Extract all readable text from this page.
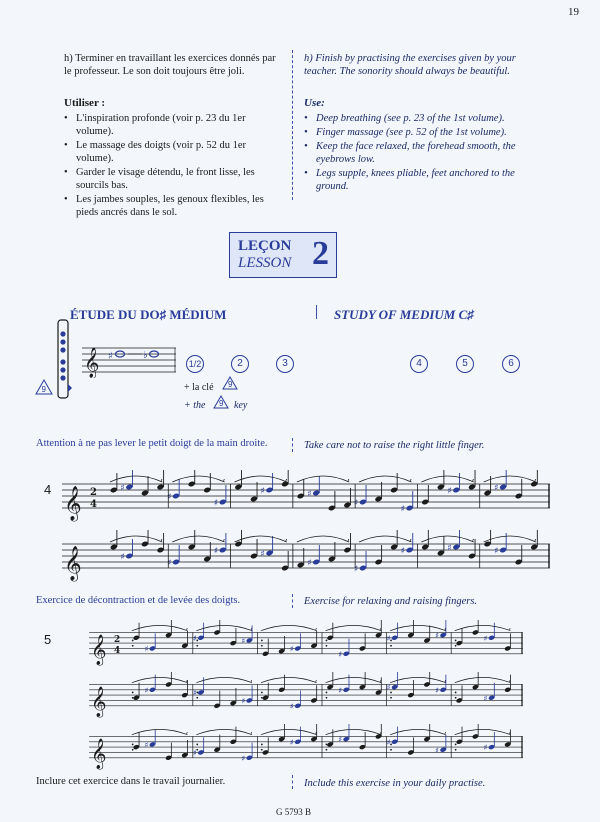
19
h) Terminer en travaillant les exercices donnés par le professeur. Le son doit toujours être joli.
h) Finish by practising the exercises given by your teacher. The sonority should always be beautiful.
Utiliser :
• L'inspiration profonde (voir p. 23 du 1er volume).
• Le massage des doigts (voir p. 52 du 1er volume).
• Garder le visage détendu, le front lisse, les sourcils bas.
• Les jambes souples, les genoux flexibles, les pieds ancrés dans le sol.
Use:
• Deep breathing (see p. 23 of the 1st volume).
• Finger massage (see p. 52 of the 1st volume).
• Keep the face relaxed, the forehead smooth, the eyebrows low.
• Legs supple, knees pliable, feet anchored to the ground.
LEÇON
LESSON 2
ÉTUDE DU DO♯ MÉDIUM	STUDY OF MEDIUM C♯
9
𝄞 ♯	♭
1/2	2	3	4	5	6
+ la clé 9
+ the 9 key
Attention à ne pas lever le petit doigt de la main droite.	Take care not to raise the right little finger.
4 𝄞 2
4
♯
♯
♯
♯	♯
♯
♯
♯	♯
,	,	,	,	,	,	,
𝄞	♯
♯
♯	♯
♯
♯
♯	♯	♯
,	,	,	,	,	,	,
Exercice de décontraction et de levée des doigts.	Exercise for relaxing and raising fingers.
5 𝄞 2
4	♯
♯	♯
♯
♯
♯	♯	♯
,	,	,	,	,	,
𝄞	♯	♯
♯
♯
♯	♯	♯
♯
,	,	,	,	,	,
𝄞	♯
♯
♯
♯	♯	♯
♯	♯
,	,	,	,	,	,
Inclure cet exercice dans le travail journalier.	Include this exercise in your daily practise.
G 5793 B
